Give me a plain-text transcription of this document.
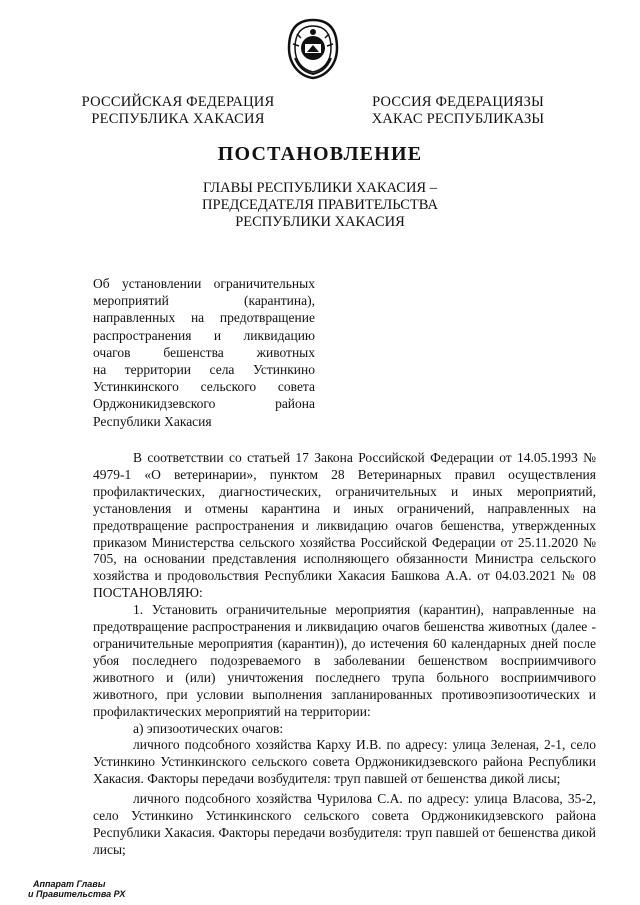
РОССИЙСКАЯ ФЕДЕРАЦИЯ
РЕСПУБЛИКА ХАКАСИЯ
РОССИЯ ФЕДЕРАЦИЯЗЫ
ХАКАС РЕСПУБЛИКАЗЫ
ПОСТАНОВЛЕНИЕ
ГЛАВЫ РЕСПУБЛИКИ ХАКАСИЯ –
ПРЕДСЕДАТЕЛЯ ПРАВИТЕЛЬСТВА
РЕСПУБЛИКИ ХАКАСИЯ
Об установлении ограничительных
мероприятий	(карантина),
направленных на предотвращение
распространения и ликвидацию
очагов бешенства животных
на территории села Устинкино
Устинкинского сельского совета
Орджоникидзевского	района
Республики Хакасия

В соответствии со статьей 17 Закона Российской Федерации от 14.05.1993 № 4979-1 «О ветеринарии», пунктом 28 Ветеринарных правил осуществления профилактических, диагностических, ограничительных и иных мероприятий, установления и отмены карантина и иных ограничений, направленных на предотвращение распространения и ликвидацию очагов бешенства, утвержденных приказом Министерства сельского хозяйства Российской Федерации от 25.11.2020 № 705, на основании представления исполняющего обязанности Министра сельского хозяйства и продовольствия Республики Хакасия Башкова А.А. от 04.03.2021 № 08 ПОСТАНОВЛЯЮ:

1. Установить ограничительные мероприятия (карантин), направленные на предотвращение распространения и ликвидацию очагов бешенства животных (далее - ограничительные мероприятия (карантин)), до истечения 60 календарных дней после убоя последнего подозреваемого в заболевании бешенством восприимчивого животного и (или) уничтожения последнего трупа больного восприимчивого животного, при условии выполнения запланированных противоэпизоотических и профилактических мероприятий на территории:

а) эпизоотических очагов:

личного подсобного хозяйства Карху И.В. по адресу: улица Зеленая, 2-1, село Устинкино Устинкинского сельского совета Орджоникидзевского района Республики Хакасия. Факторы передачи возбудителя: труп павшей от бешенства дикой лисы;

личного подсобного хозяйства Чурилова С.А. по адресу: улица Власова, 35-2, село Устинкино Устинкинского сельского совета Орджоникидзевского района Республики Хакасия. Факторы передачи возбудителя: труп павшей от бешенства дикой лисы;

Аппарат Главы
и Правительства РХ
